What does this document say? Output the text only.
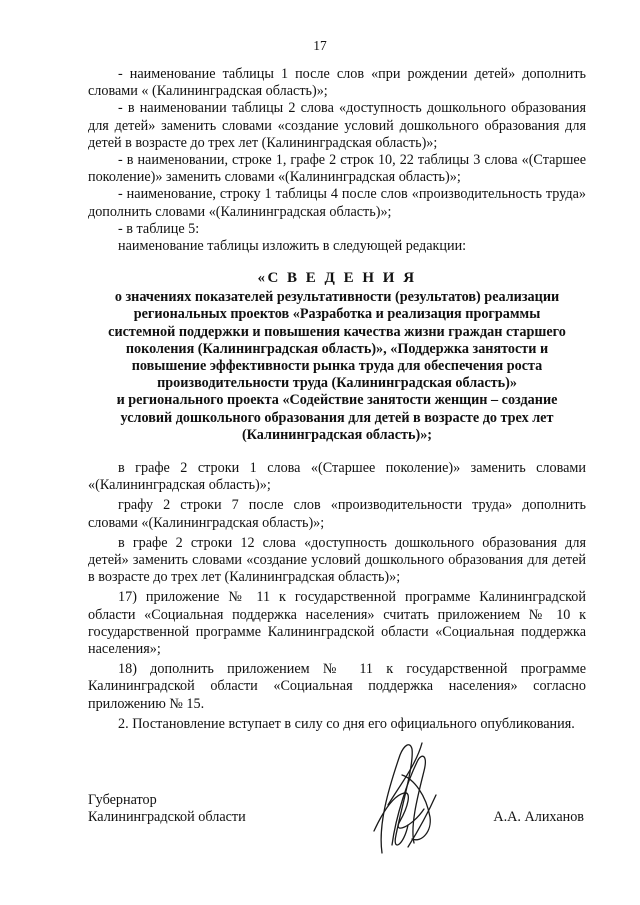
17

- наименование таблицы 1 после слов «при рождении детей» дополнить словами « (Калининградская область)»;

- в наименовании таблицы 2 слова «доступность дошкольного образования для детей» заменить словами «создание условий дошкольного образования для детей в возрасте до трех лет (Калининградская область)»;

- в наименовании, строке 1, графе 2 строк 10, 22 таблицы 3 слова «(Старшее поколение)» заменить словами «(Калининградская область)»;

- наименование, строку 1 таблицы 4 после слов «производительность труда» дополнить словами «(Калининградская область)»;

- в таблице 5:

наименование таблицы изложить в следующей редакции:

«С В Е Д Е Н И Я
о значениях показателей результативности (результатов) реализации
региональных проектов «Разработка и реализация программы
системной поддержки и повышения качества жизни граждан старшего
поколения (Калининградская область)», «Поддержка занятости и
повышение эффективности рынка труда для обеспечения роста
производительности труда (Калининградская область)»
и регионального проекта «Содействие занятости женщин – создание
условий дошкольного образования для детей в возрасте до трех лет
(Калининградская область)»;

в графе 2 строки 1 слова «(Старшее поколение)» заменить словами «(Калининградская область)»;

графу 2 строки 7 после слов «производительности труда» дополнить словами «(Калининградская область)»;

в графе 2 строки 12 слова «доступность дошкольного образования для детей» заменить словами «создание условий дошкольного образования для детей в возрасте до трех лет (Калининградская область)»;

17) приложение № 11 к государственной программе Калининградской области «Социальная поддержка населения» считать приложением № 10 к государственной программе Калининградской области «Социальная поддержка населения»;

18) дополнить приложением № 11 к государственной программе Калининградской области «Социальная поддержка населения» согласно приложению № 15.

2. Постановление вступает в силу со дня его официального опубликования.

Губернатор
Калининградской области	А.А. Алиханов
